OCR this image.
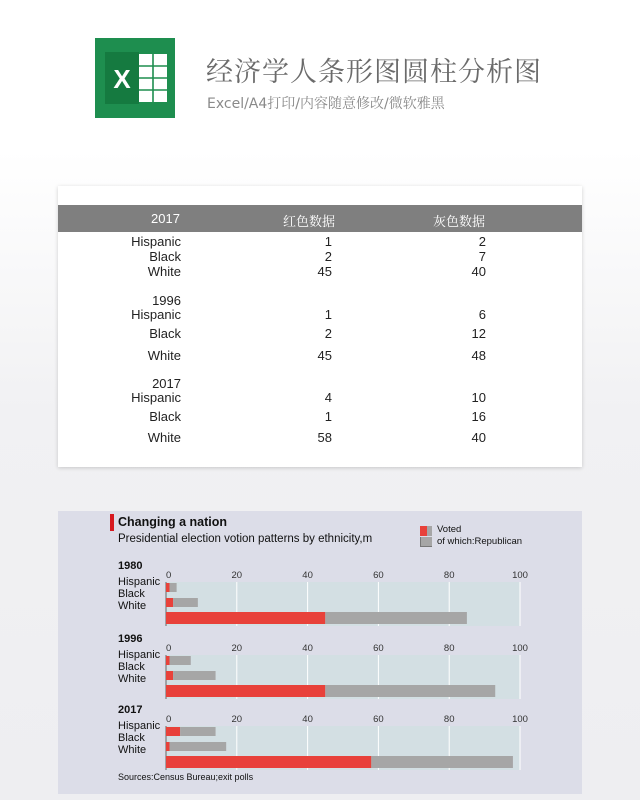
X	经济学人条形图圆柱分析图
Excel/A4打印/内容随意修改/微软雅黑
2017	红色数据	灰色数据
Hispanic	1	2
Black	2	7
White	45	40
1996
Hispanic	1	6
Black	2	12
White	45	48
2017
Hispanic	4	10
Black	1	16
White	58	40
Changing a nation
Presidential election votion patterns by ethnicity,m
Voted
of which:Republican
1980
0	20	40	60	80	100
Hispanic
Black
White
1996
0	20	40	60	80	100
Hispanic
Black
White
2017
0	20	40	60	80	100
Hispanic
Black
White
Sources:Census Bureau;exit polls
